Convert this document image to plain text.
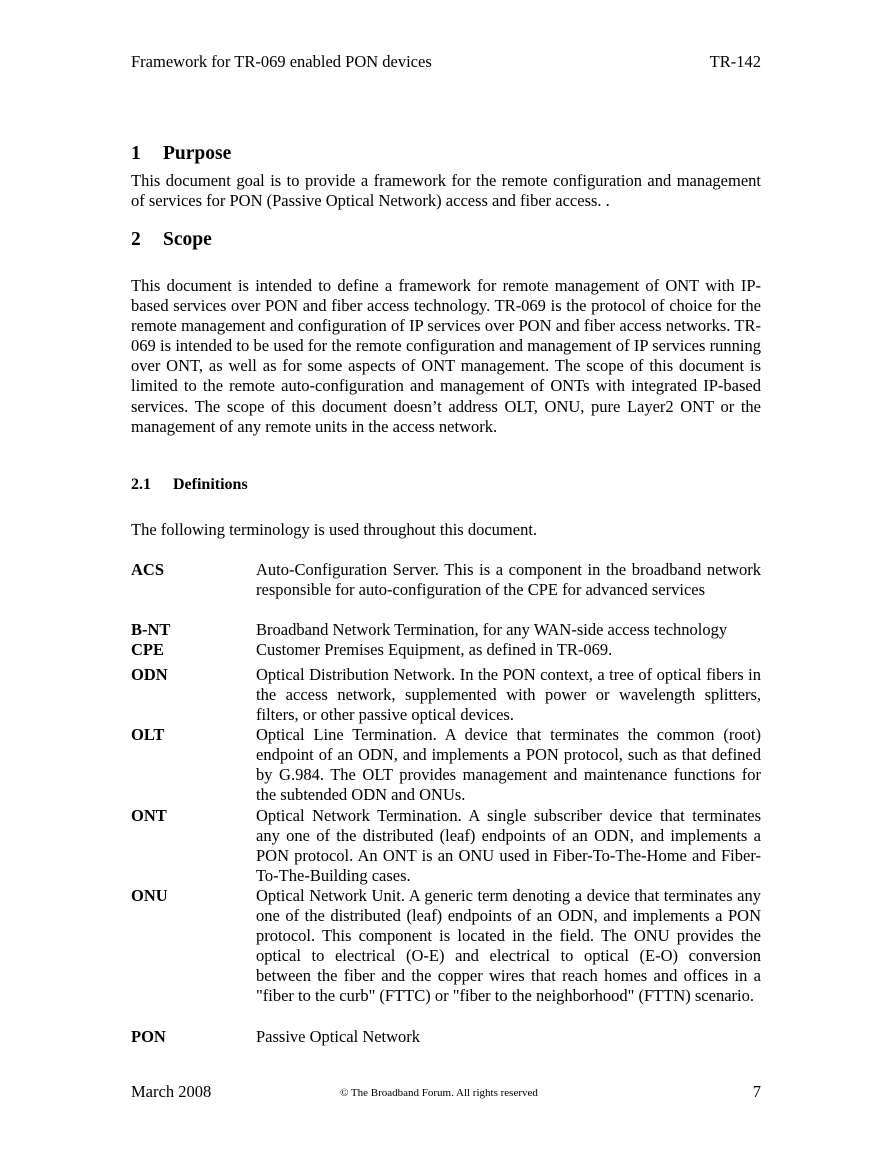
Framework for TR-069 enabled PON devices	TR-142
1 Purpose
This document goal is to provide a framework for the remote configuration and management of services for PON (Passive Optical Network) access and fiber access. .
2 Scope
This document is intended to define a framework for remote management of ONT with IP-based services over PON and fiber access technology. TR-069 is the protocol of choice for the remote management and configuration of IP services over PON and fiber access networks. TR-069 is intended to be used for the remote configuration and management of IP services running over ONT, as well as for some aspects of ONT management. The scope of this document is limited to the remote auto-configuration and management of ONTs with integrated IP-based services. The scope of this document doesn’t address OLT, ONU, pure Layer2 ONT or the management of any remote units in the access network.
2.1 Definitions
The following terminology is used throughout this document.
ACS	Auto-Configuration Server. This is a component in the broadband network responsible for auto-configuration of the CPE for advanced services
B-NT	Broadband Network Termination, for any WAN-side access technology
CPE	Customer Premises Equipment, as defined in TR-069.
ODN	Optical Distribution Network. In the PON context, a tree of optical fibers in the access network, supplemented with power or wavelength splitters, filters, or other passive optical devices.
OLT	Optical Line Termination. A device that terminates the common (root) endpoint of an ODN, and implements a PON protocol, such as that defined by G.984. The OLT provides management and maintenance functions for the subtended ODN and ONUs.
ONT	Optical Network Termination. A single subscriber device that terminates any one of the distributed (leaf) endpoints of an ODN, and implements a PON protocol. An ONT is an ONU used in Fiber-To-The-Home and Fiber-To-The-Building cases.
ONU	Optical Network Unit. A generic term denoting a device that terminates any one of the distributed (leaf) endpoints of an ODN, and implements a PON protocol. This component is located in the field. The ONU provides the optical to electrical (O-E) and electrical to optical (E-O) conversion between the fiber and the copper wires that reach homes and offices in a "fiber to the curb" (FTTC) or "fiber to the neighborhood" (FTTN) scenario.
PON	Passive Optical Network
March 2008	© The Broadband Forum. All rights reserved	7
